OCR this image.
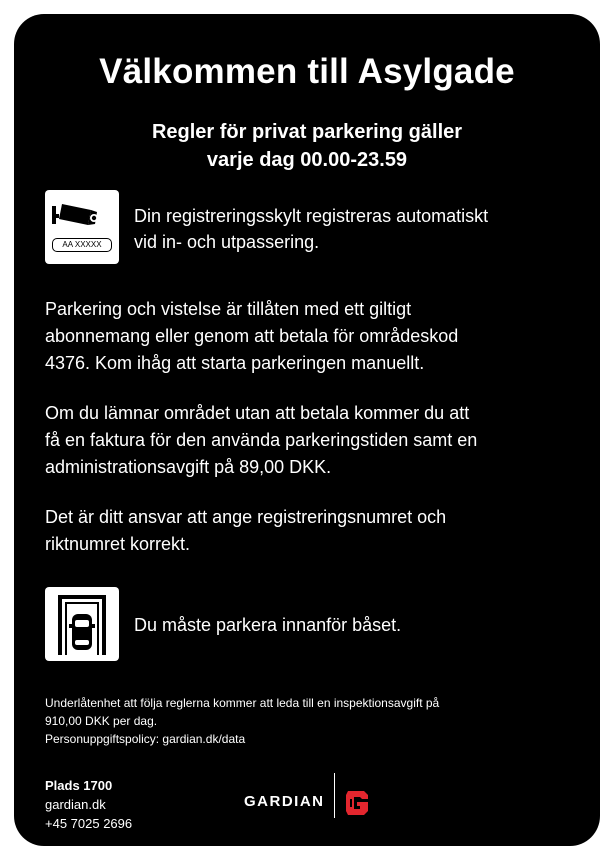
Välkommen till Asylgade
Regler för privat parkering gäller
varje dag 00.00-23.59
AA XXXXX
Din registreringsskylt registreras automatiskt
vid in- och utpassering.
Parkering och vistelse är tillåten med ett giltigt
abonnemang eller genom att betala för områdeskod
4376. Kom ihåg att starta parkeringen manuellt.
Om du lämnar området utan att betala kommer du att
få en faktura för den använda parkeringstiden samt en
administrationsavgift på 89,00 DKK.
Det är ditt ansvar att ange registreringsnumret och
riktnumret korrekt.
Du måste parkera innanför båset.
Underlåtenhet att följa reglerna kommer att leda till en inspektionsavgift på
910,00 DKK per dag.
Personuppgiftspolicy: gardian.dk/data
Plads 1700
gardian.dk
+45 7025 2696
GARDIAN
